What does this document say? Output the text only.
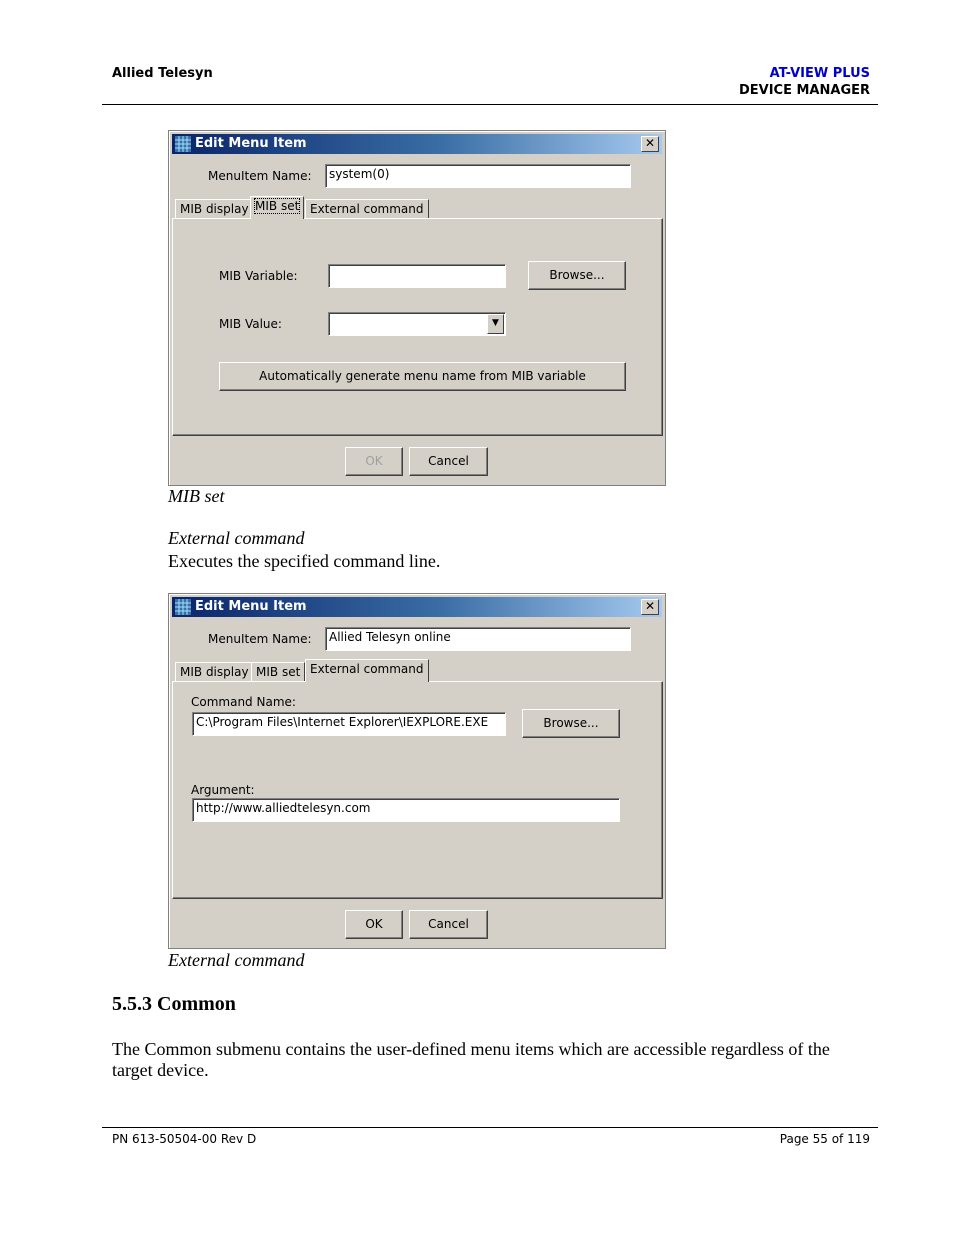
Allied Telesyn	AT-VIEW PLUS
DEVICE MANAGER
Edit Menu Item	✕
MenuItem Name:	system(0)
MIB display MIB set External command
MIB Variable:	Browse...
MIB Value:	▼
Automatically generate menu name from MIB variable
OK	Cancel
MIB set
External command
Executes the specified command line.
Edit Menu Item	✕
MenuItem Name:	Allied Telesyn online
MIB display MIB set External command
Command Name:
C:\Program Files\Internet Explorer\IEXPLORE.EXE	Browse...
Argument:
http://www.alliedtelesyn.com
OK	Cancel
External command
5.5.3 Common
The Common submenu contains the user-defined menu items which are accessible regardless of the target device.
PN 613-50504-00 Rev D	Page 55 of 119
